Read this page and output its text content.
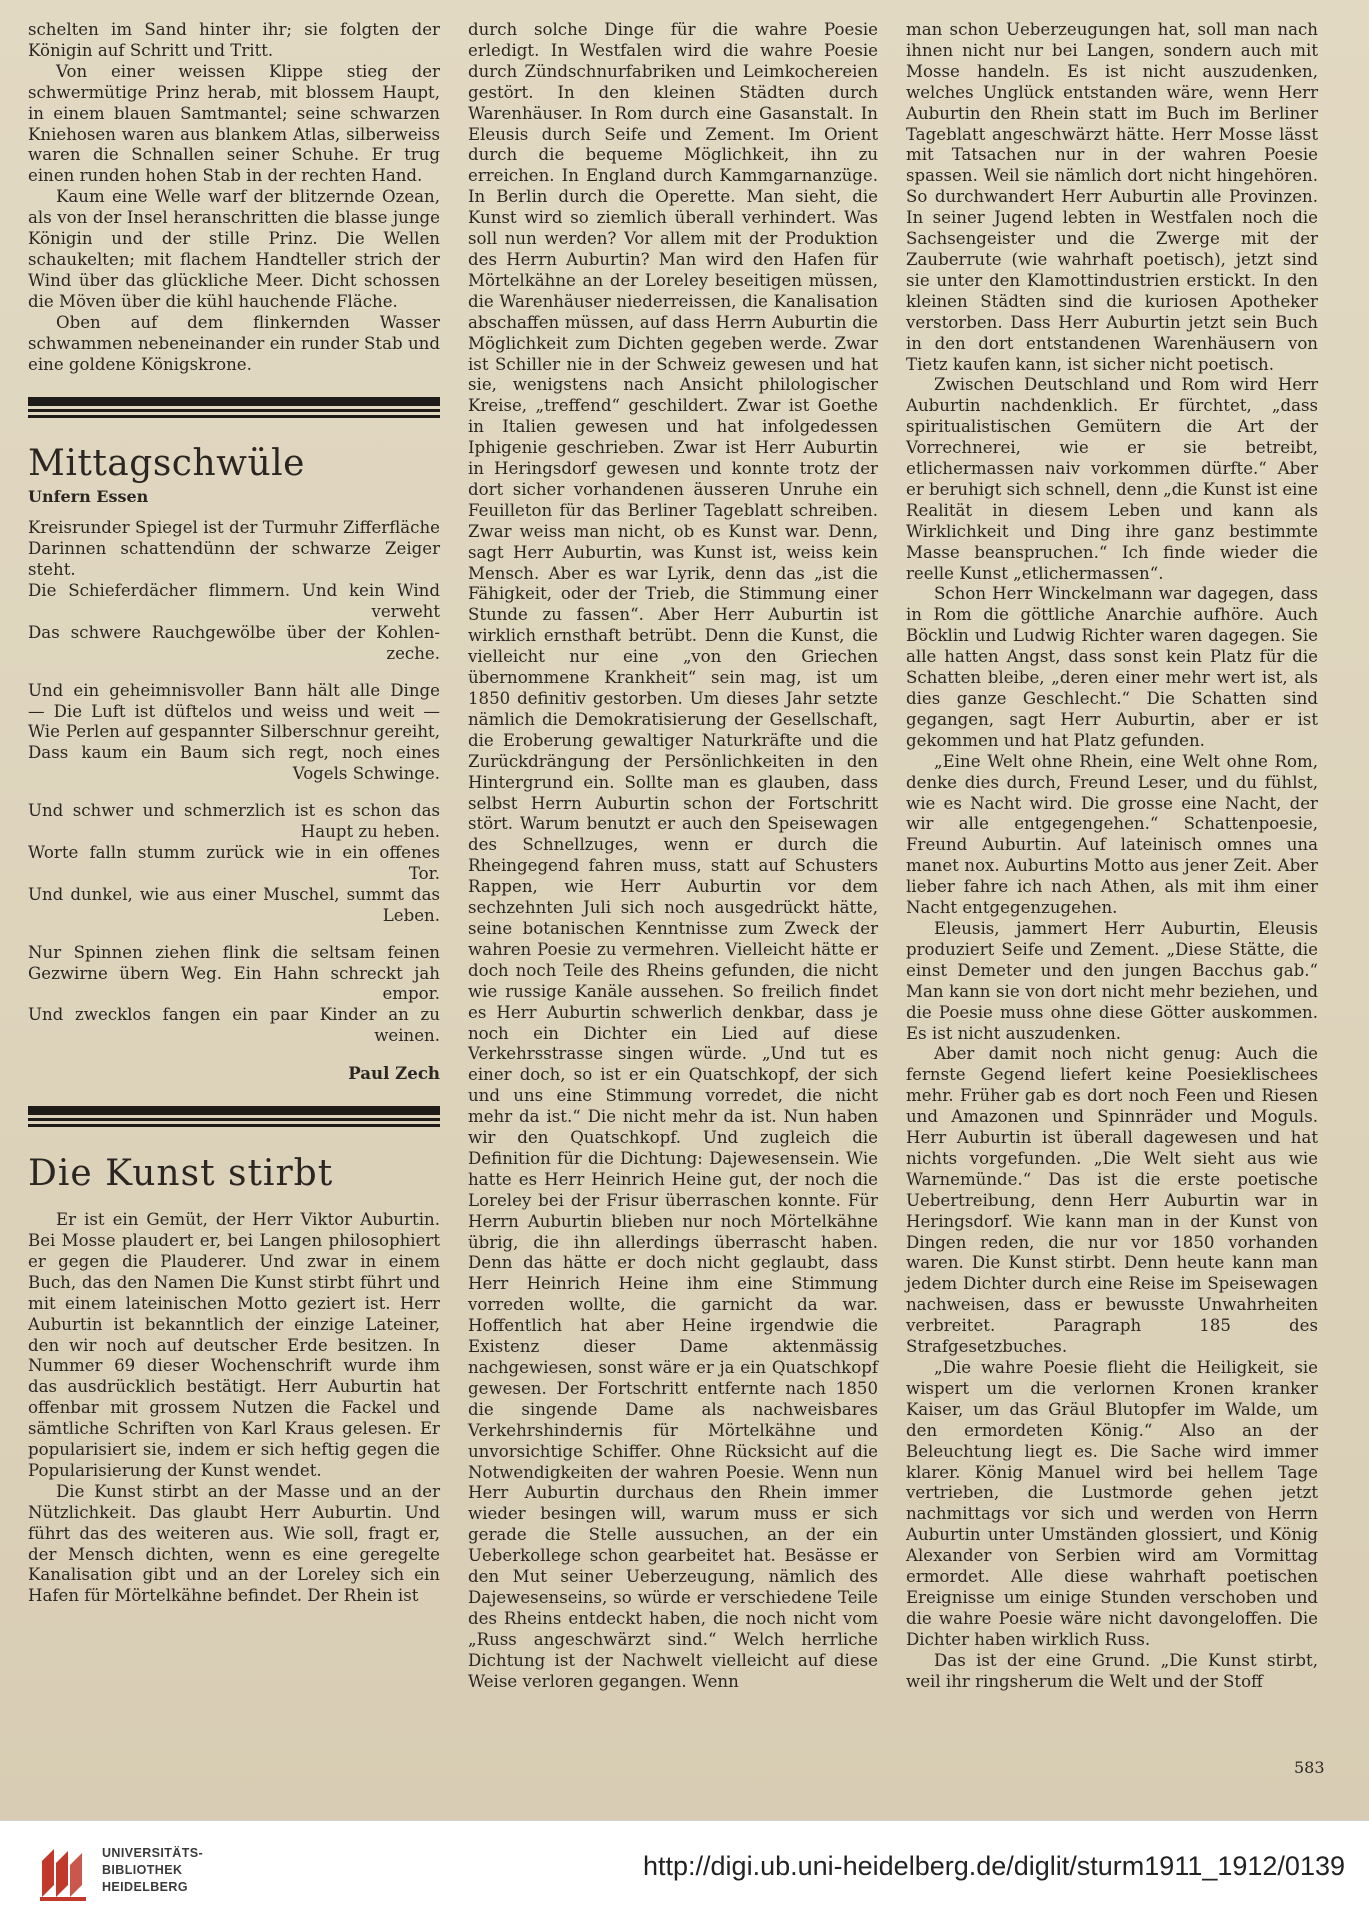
schelten im Sand hinter ihr; sie folgten der Königin auf Schritt und Tritt.

Von einer weissen Klippe stieg der schwermütige Prinz herab, mit blossem Haupt, in einem blauen Samtmantel; seine schwarzen Kniehosen waren aus blankem Atlas, silberweiss waren die Schnallen seiner Schuhe. Er trug einen runden hohen Stab in der rechten Hand.

Kaum eine Welle warf der blitzernde Ozean, als von der Insel heranschritten die blasse junge Königin und der stille Prinz. Die Wellen schaukelten; mit flachem Handteller strich der Wind über das glückliche Meer. Dicht schossen die Möven über die kühl hauchende Fläche.

Oben auf dem flinkernden Wasser schwammen nebeneinander ein runder Stab und eine goldene Königskrone.

Mittagschwüle
Unfern Essen
Kreisrunder Spiegel ist der Turmuhr Zifferfläche
Darinnen schattendünn der schwarze Zeiger steht.
Die Schieferdächer flimmern. Und kein Wind
verweht
Das schwere Rauchgewölbe über der Kohlen-
zeche.
Und ein geheimnisvoller Bann hält alle Dinge
— Die Luft ist düftelos und weiss und weit —
Wie Perlen auf gespannter Silberschnur gereiht,
Dass kaum ein Baum sich regt, noch eines
Vogels Schwinge.
Und schwer und schmerzlich ist es schon das
Haupt zu heben.
Worte falln stumm zurück wie in ein offenes
Tor.
Und dunkel, wie aus einer Muschel, summt das
Leben.
Nur Spinnen ziehen flink die seltsam feinen
Gezwirne übern Weg. Ein Hahn schreckt jah
empor.
Und zwecklos fangen ein paar Kinder an zu
weinen.
Paul Zech
Die Kunst stirbt

Er ist ein Gemüt, der Herr Viktor Auburtin. Bei Mosse plaudert er, bei Langen philosophiert er gegen die Plauderer. Und zwar in einem Buch, das den Namen Die Kunst stirbt führt und mit einem lateinischen Motto geziert ist. Herr Auburtin ist bekanntlich der einzige Lateiner, den wir noch auf deutscher Erde besitzen. In Nummer 69 dieser Wochenschrift wurde ihm das ausdrücklich bestätigt. Herr Auburtin hat offenbar mit grossem Nutzen die Fackel und sämtliche Schriften von Karl Kraus gelesen. Er popularisiert sie, indem er sich heftig gegen die Popularisierung der Kunst wendet.

Die Kunst stirbt an der Masse und an der Nützlichkeit. Das glaubt Herr Auburtin. Und führt das des weiteren aus. Wie soll, fragt er, der Mensch dichten, wenn es eine geregelte Kanalisation gibt und an der Loreley sich ein Hafen für Mörtelkähne befindet. Der Rhein ist

durch solche Dinge für die wahre Poesie erledigt. In Westfalen wird die wahre Poesie durch Zündschnurfabriken und Leimkochereien gestört. In den kleinen Städten durch Warenhäuser. In Rom durch eine Gasanstalt. In Eleusis durch Seife und Zement. Im Orient durch die bequeme Möglichkeit, ihn zu erreichen. In England durch Kammgarnanzüge. In Berlin durch die Operette. Man sieht, die Kunst wird so ziemlich überall verhindert. Was soll nun werden? Vor allem mit der Produktion des Herrn Auburtin? Man wird den Hafen für Mörtelkähne an der Loreley beseitigen müssen, die Warenhäuser niederreissen, die Kanalisation abschaffen müssen, auf dass Herrn Auburtin die Möglichkeit zum Dichten gegeben werde. Zwar ist Schiller nie in der Schweiz gewesen und hat sie, wenigstens nach Ansicht philologischer Kreise, „treffend“ geschildert. Zwar ist Goethe in Italien gewesen und hat infolgedessen Iphigenie geschrieben. Zwar ist Herr Auburtin in Heringsdorf gewesen und konnte trotz der dort sicher vorhandenen äusseren Unruhe ein Feuilleton für das Berliner Tageblatt schreiben. Zwar weiss man nicht, ob es Kunst war. Denn, sagt Herr Auburtin, was Kunst ist, weiss kein Mensch. Aber es war Lyrik, denn das „ist die Fähigkeit, oder der Trieb, die Stimmung einer Stunde zu fassen“. Aber Herr Auburtin ist wirklich ernsthaft betrübt. Denn die Kunst, die vielleicht nur eine „von den Griechen übernommene Krankheit“ sein mag, ist um 1850 definitiv gestorben. Um dieses Jahr setzte nämlich die Demokratisierung der Gesellschaft, die Eroberung gewaltiger Naturkräfte und die Zurückdrängung der Persönlichkeiten in den Hintergrund ein. Sollte man es glauben, dass selbst Herrn Auburtin schon der Fortschritt stört. Warum benutzt er auch den Speisewagen des Schnellzuges, wenn er durch die Rheingegend fahren muss, statt auf Schusters Rappen, wie Herr Auburtin vor dem sechzehnten Juli sich noch ausgedrückt hätte, seine botanischen Kenntnisse zum Zweck der wahren Poesie zu vermehren. Vielleicht hätte er doch noch Teile des Rheins gefunden, die nicht wie russige Kanäle aussehen. So freilich findet es Herr Auburtin schwerlich denkbar, dass je noch ein Dichter ein Lied auf diese Verkehrsstrasse singen würde. „Und tut es einer doch, so ist er ein Quatschkopf, der sich und uns eine Stimmung vorredet, die nicht mehr da ist.“ Die nicht mehr da ist. Nun haben wir den Quatschkopf. Und zugleich die Definition für die Dichtung: Dajewesensein. Wie hatte es Herr Heinrich Heine gut, der noch die Loreley bei der Frisur überraschen konnte. Für Herrn Auburtin blieben nur noch Mörtelkähne übrig, die ihn allerdings überrascht haben. Denn das hätte er doch nicht geglaubt, dass Herr Heinrich Heine ihm eine Stimmung vorreden wollte, die garnicht da war. Hoffentlich hat aber Heine irgendwie die Existenz dieser Dame aktenmässig nachgewiesen, sonst wäre er ja ein Quatschkopf gewesen. Der Fortschritt entfernte nach 1850 die singende Dame als nachweisbares Verkehrshindernis für Mörtelkähne und unvorsichtige Schiffer. Ohne Rücksicht auf die Notwendigkeiten der wahren Poesie. Wenn nun Herr Auburtin durchaus den Rhein immer wieder besingen will, warum muss er sich gerade die Stelle aussuchen, an der ein Ueberkollege schon gearbeitet hat. Besässe er den Mut seiner Ueberzeugung, nämlich des Dajewesenseins, so würde er verschiedene Teile des Rheins entdeckt haben, die noch nicht vom „Russ angeschwärzt sind.“ Welch herrliche Dichtung ist der Nachwelt vielleicht auf diese Weise verloren gegangen. Wenn

man schon Ueberzeugungen hat, soll man nach ihnen nicht nur bei Langen, sondern auch mit Mosse handeln. Es ist nicht auszudenken, welches Unglück entstanden wäre, wenn Herr Auburtin den Rhein statt im Buch im Berliner Tageblatt angeschwärzt hätte. Herr Mosse lässt mit Tatsachen nur in der wahren Poesie spassen. Weil sie nämlich dort nicht hingehören. So durchwandert Herr Auburtin alle Provinzen. In seiner Jugend lebten in Westfalen noch die Sachsengeister und die Zwerge mit der Zauberrute (wie wahrhaft poetisch), jetzt sind sie unter den Klamottindustrien erstickt. In den kleinen Städten sind die kuriosen Apotheker verstorben. Dass Herr Auburtin jetzt sein Buch in den dort entstandenen Warenhäusern von Tietz kaufen kann, ist sicher nicht poetisch.

Zwischen Deutschland und Rom wird Herr Auburtin nachdenklich. Er fürchtet, „dass spiritualistischen Gemütern die Art der Vorrechnerei, wie er sie betreibt, etlichermassen naiv vorkommen dürfte.“ Aber er beruhigt sich schnell, denn „die Kunst ist eine Realität in diesem Leben und kann als Wirklichkeit und Ding ihre ganz bestimmte Masse beanspruchen.“ Ich finde wieder die reelle Kunst „etlichermassen“.

Schon Herr Winckelmann war dagegen, dass in Rom die göttliche Anarchie aufhöre. Auch Böcklin und Ludwig Richter waren dagegen. Sie alle hatten Angst, dass sonst kein Platz für die Schatten bleibe, „deren einer mehr wert ist, als dies ganze Geschlecht.“ Die Schatten sind gegangen, sagt Herr Auburtin, aber er ist gekommen und hat Platz gefunden.

„Eine Welt ohne Rhein, eine Welt ohne Rom, denke dies durch, Freund Leser, und du fühlst, wie es Nacht wird. Die grosse eine Nacht, der wir alle entgegengehen.“ Schattenpoesie, Freund Auburtin. Auf lateinisch omnes una manet nox. Auburtins Motto aus jener Zeit. Aber lieber fahre ich nach Athen, als mit ihm einer Nacht entgegenzugehen.

Eleusis, jammert Herr Auburtin, Eleusis produziert Seife und Zement. „Diese Stätte, die einst Demeter und den jungen Bacchus gab.“ Man kann sie von dort nicht mehr beziehen, und die Poesie muss ohne diese Götter auskommen. Es ist nicht auszudenken.

Aber damit noch nicht genug: Auch die fernste Gegend liefert keine Poesieklischees mehr. Früher gab es dort noch Feen und Riesen und Amazonen und Spinnräder und Moguls. Herr Auburtin ist überall dagewesen und hat nichts vorgefunden. „Die Welt sieht aus wie Warnemünde.“ Das ist die erste poetische Uebertreibung, denn Herr Auburtin war in Heringsdorf. Wie kann man in der Kunst von Dingen reden, die nur vor 1850 vorhanden waren. Die Kunst stirbt. Denn heute kann man jedem Dichter durch eine Reise im Speisewagen nachweisen, dass er bewusste Unwahrheiten verbreitet. Paragraph 185 des Strafgesetzbuches.

„Die wahre Poesie flieht die Heiligkeit, sie wispert um die verlornen Kronen kranker Kaiser, um das Gräul Blutopfer im Walde, um den ermordeten König.“ Also an der Beleuchtung liegt es. Die Sache wird immer klarer. König Manuel wird bei hellem Tage vertrieben, die Lustmorde gehen jetzt nachmittags vor sich und werden von Herrn Auburtin unter Umständen glossiert, und König Alexander von Serbien wird am Vormittag ermordet. Alle diese wahrhaft poetischen Ereignisse um einige Stunden verschoben und die wahre Poesie wäre nicht davongeloffen. Die Dichter haben wirklich Russ.

Das ist der eine Grund. „Die Kunst stirbt, weil ihr ringsherum die Welt und der Stoff

583
UNIVERSITÄTS-
BIBLIOTHEK
HEIDELBERG
http://digi.ub.uni-heidelberg.de/diglit/sturm1911_1912/0139
